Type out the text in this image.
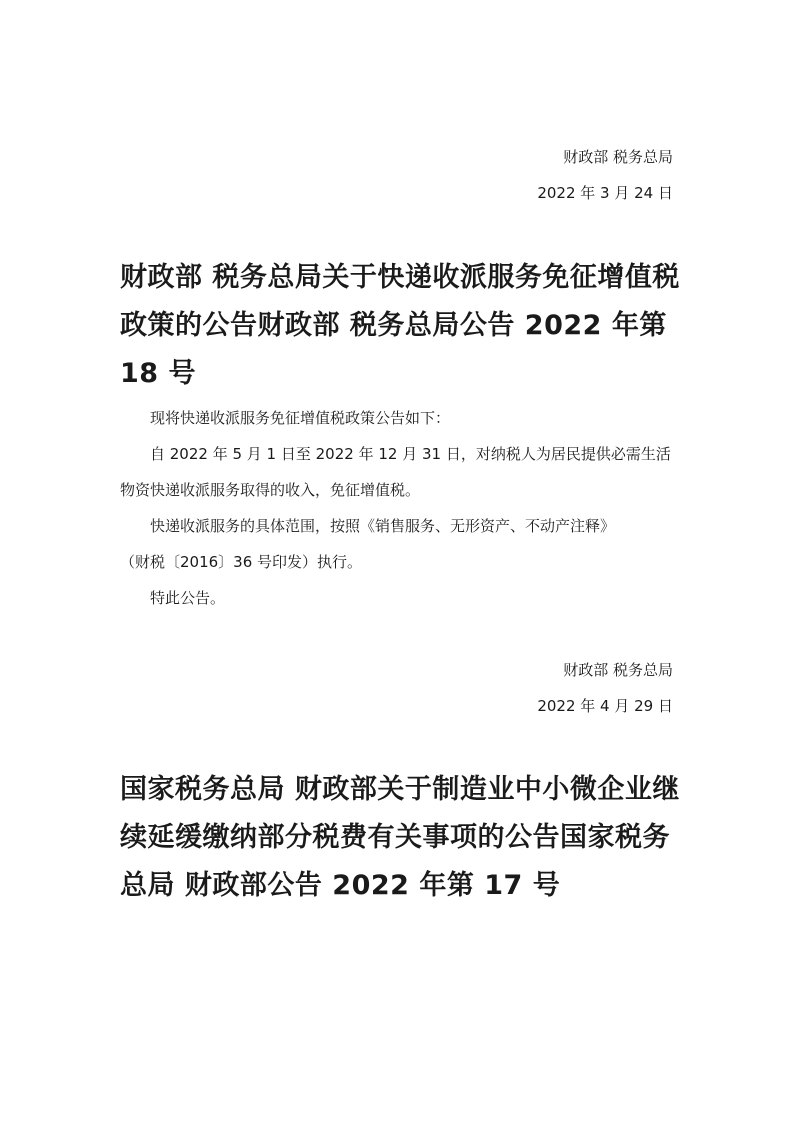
财政部 税务总局
2022 年 3 月 24 日
财政部 税务总局关于快递收派服务免征增值税政策的公告财政部 税务总局公告 2022 年第 18 号

现将快递收派服务免征增值税政策公告如下：

自 2022 年 5 月 1 日至 2022 年 12 月 31 日，对纳税人为居民提供必需生活物资快递收派服务取得的收入，免征增值税。

快递收派服务的具体范围，按照《销售服务、无形资产、不动产注释》

（财税〔2016〕36 号印发）执行。

特此公告。

财政部 税务总局
2022 年 4 月 29 日
国家税务总局 财政部关于制造业中小微企业继续延缓缴纳部分税费有关事项的公告国家税务总局 财政部公告 2022 年第 17 号
